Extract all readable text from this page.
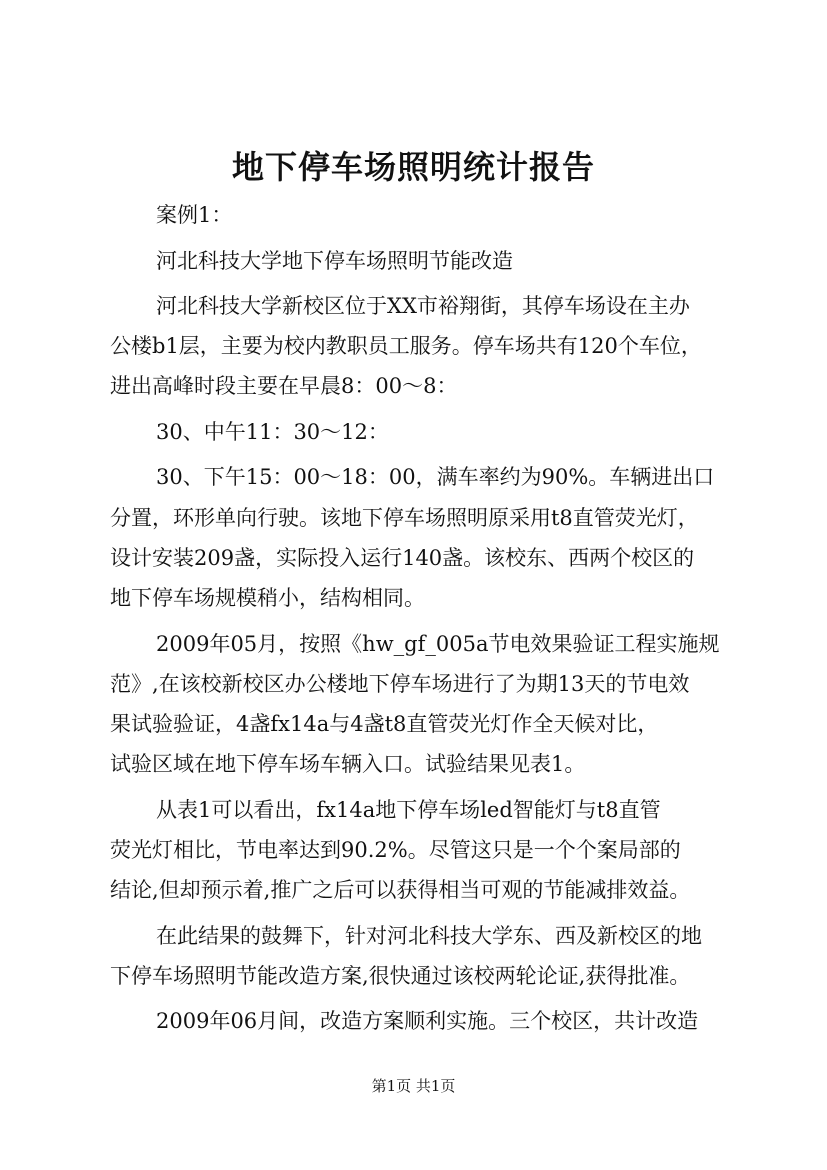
地下停车场照明统计报告

案例1：

河北科技大学地下停车场照明节能改造

河北科技大学新校区位于XX市裕翔街，其停车场设在主办
公楼b1层，主要为校内教职员工服务。停车场共有120个车位，
进出高峰时段主要在早晨8：00～8：

30、中午11：30～12：

30、下午15：00～18：00，满车率约为90%。车辆进出口
分置，环形单向行驶。该地下停车场照明原采用t8直管荧光灯，
设计安装209盏，实际投入运行140盏。该校东、西两个校区的
地下停车场规模稍小，结构相同。

2009年05月，按照《hw_gf_005a节电效果验证工程实施规
范》,在该校新校区办公楼地下停车场进行了为期13天的节电效
果试验验证，4盏fx14a与4盏t8直管荧光灯作全天候对比，
试验区域在地下停车场车辆入口。试验结果见表1。

从表1可以看出，fx14a地下停车场led智能灯与t8直管
荧光灯相比，节电率达到90.2%。尽管这只是一个个案局部的
结论,但却预示着,推广之后可以获得相当可观的节能减排效益。

在此结果的鼓舞下，针对河北科技大学东、西及新校区的地
下停车场照明节能改造方案,很快通过该校两轮论证,获得批准。

2009年06月间，改造方案顺利实施。三个校区，共计改造

第1页 共1页
